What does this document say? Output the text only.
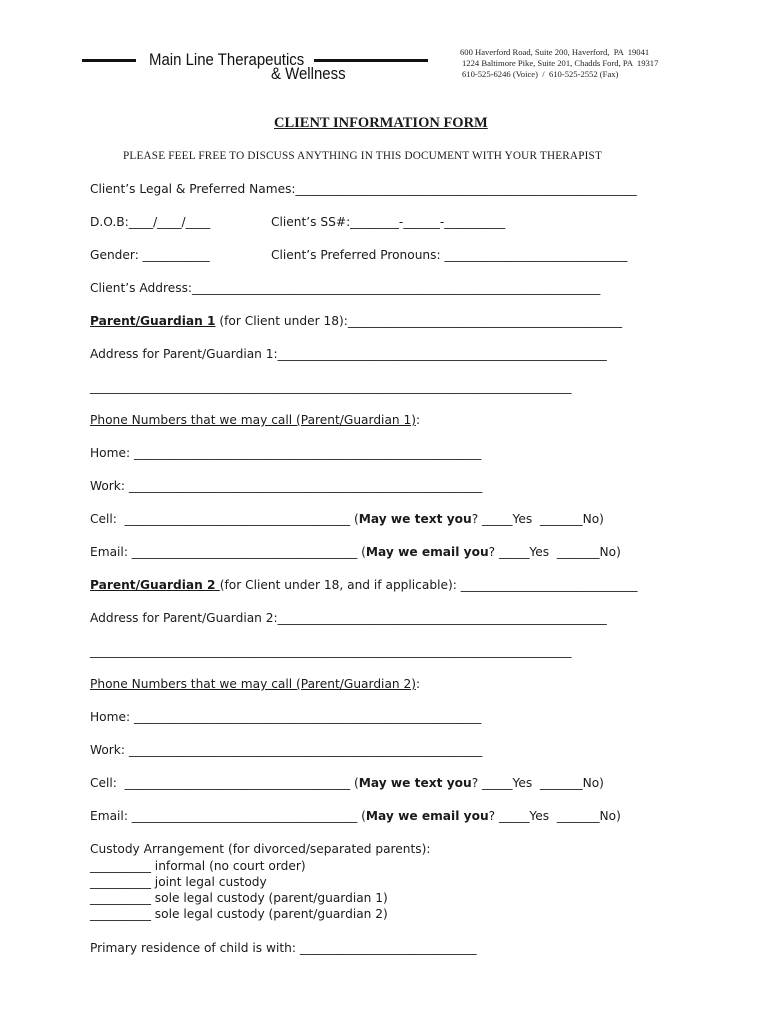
Main Line Therapeutics
& Wellness
600 Haverford Road, Suite 200, Haverford,  PA  19041
1224 Baltimore Pike, Suite 201, Chadds Ford, PA  19317
610-525-6246 (Voice)  /  610-525-2552 (Fax)
CLIENT INFORMATION FORM
PLEASE FEEL FREE TO DISCUSS ANYTHING IN THIS DOCUMENT WITH YOUR THERAPIST
Client’s Legal & Preferred Names:________________________________________________________
D.O.B:____/____/____	Client’s SS#:________-______-__________
Gender: ___________	Client’s Preferred Pronouns: ______________________________
Client’s Address:___________________________________________________________________
Parent/Guardian 1 (for Client under 18):_____________________________________________
Address for Parent/Guardian 1:______________________________________________________
_______________________________________________________________________________
Phone Numbers that we may call (Parent/Guardian 1):
Home: _________________________________________________________
Work: __________________________________________________________
Cell:  _____________________________________ (May we text you? _____Yes  _______No)
Email: _____________________________________ (May we email you? _____Yes  _______No)
Parent/Guardian 2 (for Client under 18, and if applicable): _____________________________
Address for Parent/Guardian 2:______________________________________________________
_______________________________________________________________________________
Phone Numbers that we may call (Parent/Guardian 2):
Home: _________________________________________________________
Work: __________________________________________________________
Cell:  _____________________________________ (May we text you? _____Yes  _______No)
Email: _____________________________________ (May we email you? _____Yes  _______No)
Custody Arrangement (for divorced/separated parents):
__________ informal (no court order)
__________ joint legal custody
__________ sole legal custody (parent/guardian 1)
__________ sole legal custody (parent/guardian 2)
Primary residence of child is with: _____________________________
